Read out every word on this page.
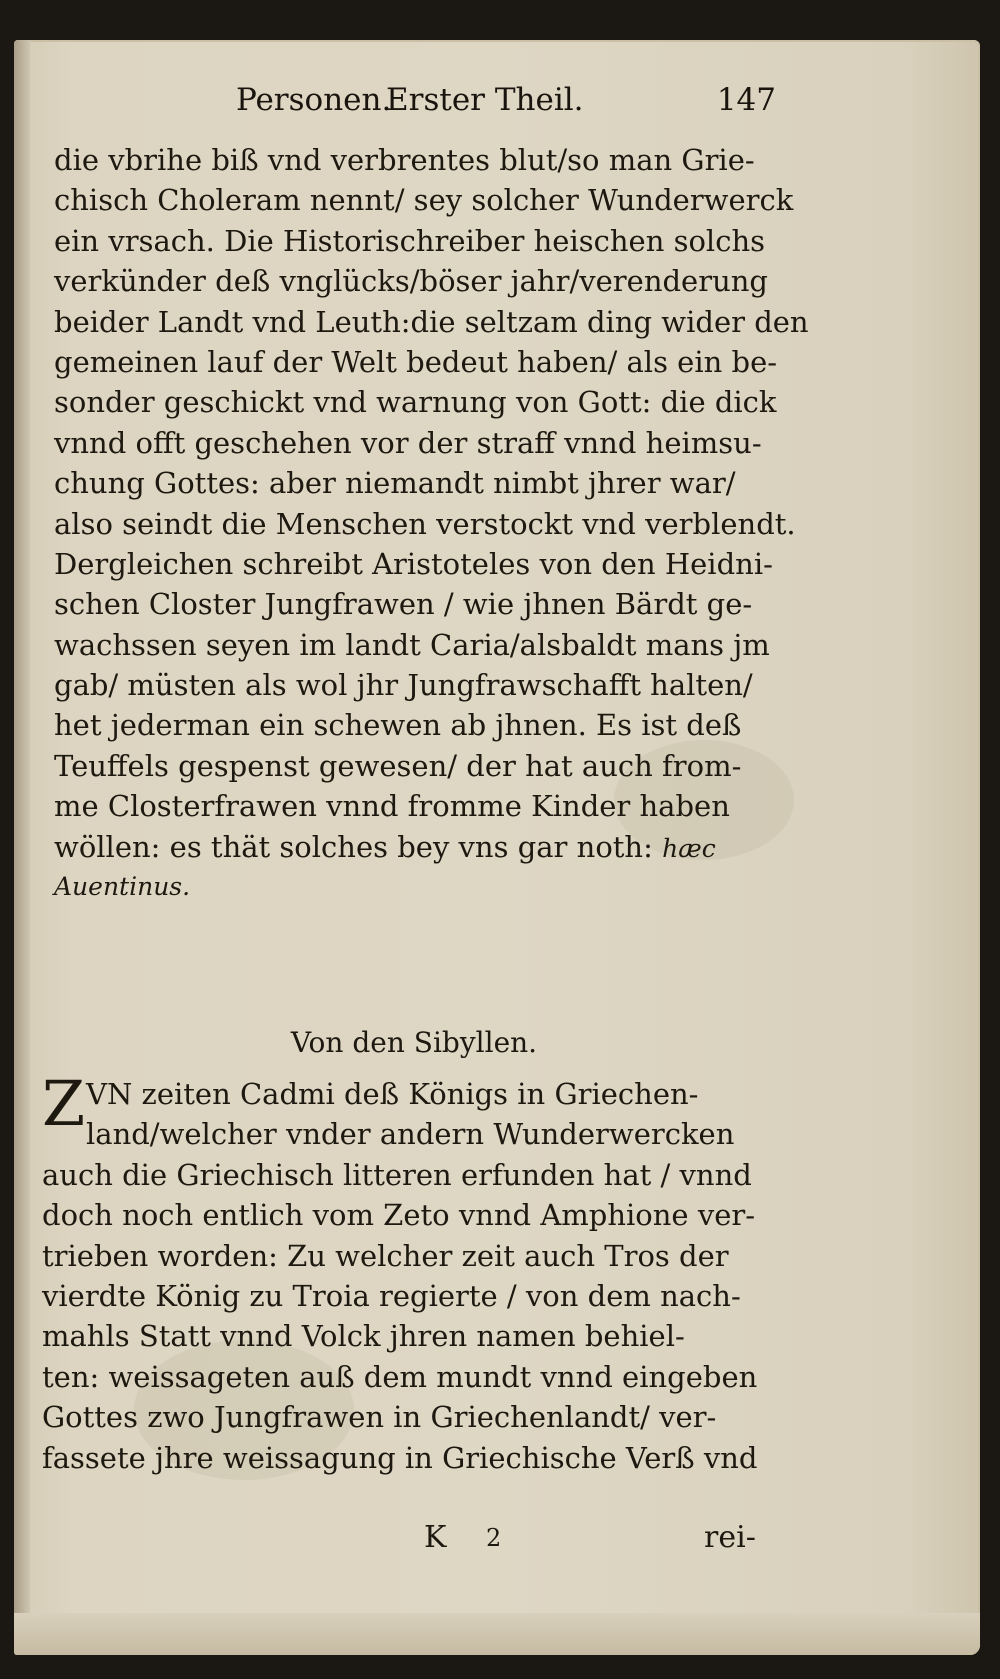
Personen.
Erster Theil.	147
die vbrihe biß vnd verbrentes blut/so man Grie-
chisch Choleram nennt/ sey solcher Wunderwerck
ein vrsach. Die Historischreiber heischen solchs
verkünder deß vnglücks/böser jahr/verenderung
beider Landt vnd Leuth:die seltzam ding wider den
gemeinen lauf der Welt bedeut haben/ als ein be-
sonder geschickt vnd warnung von Gott: die dick
vnnd offt geschehen vor der straff vnnd heimsu-
chung Gottes: aber niemandt nimbt jhrer war/
also seindt die Menschen verstockt vnd verblendt.
Dergleichen schreibt Aristoteles von den Heidni-
schen Closter Jungfrawen / wie jhnen Bärdt ge-
wachssen seyen im landt Caria/alsbaldt mans jm
gab/ müsten als wol jhr Jungfrawschafft halten/
het jederman ein schewen ab jhnen. Es ist deß
Teuffels gespenst gewesen/ der hat auch from-
me Closterfrawen vnnd fromme Kinder haben
wöllen: es thät solches bey vns gar noth: hæc
Auentinus.
Von den Sibyllen.
Z VN zeiten Cadmi deß Königs in Griechen-
land/welcher vnder andern Wunderwercken
auch die Griechisch litteren erfunden hat / vnnd
doch noch entlich vom Zeto vnnd Amphione ver-
trieben worden: Zu welcher zeit auch Tros der
vierdte König zu Troia regierte / von dem nach-
mahls Statt vnnd Volck jhren namen behiel-
ten: weissageten auß dem mundt vnnd eingeben
Gottes zwo Jungfrawen in Griechenlandt/ ver-
fassete jhre weissagung in Griechische Verß vnd
K 2	rei-
